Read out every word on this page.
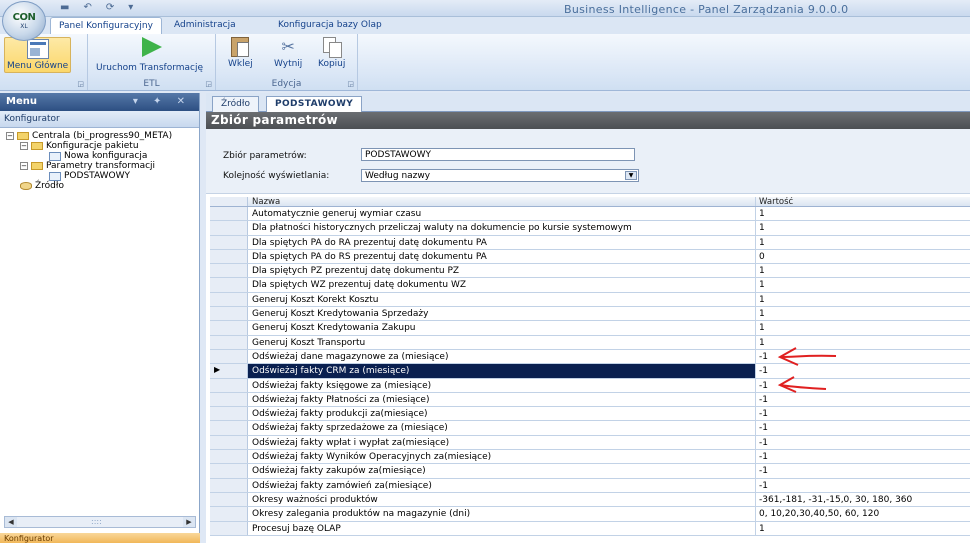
▬ ↶ ⟳ ▾	Business Intelligence - Panel Zarządzania 9.0.0.0
CON
XL	Panel Konfiguracyjny	Administracja	Konfiguracja bazy Olap
Menu Główne
◲
Uruchom Transformację
ETL	◲
Wklej
✂
Wytnij Kopiuj
Edycja	◲
Menu	▾ ✦ ✕
Konfigurator
− Centrala (bi_progress90_META)
− Konfiguracje pakietu
Nowa konfiguracja
− Parametry transformacji
PODSTAWOWY
Źródło
◀	::::	▶
Konfigurator
Źródło	PODSTAWOWY
Zbiór parametrów
Zbiór parametrów:	PODSTAWOWY
Kolejność wyświetlania:	Według nazwy	▼
Nazwa	Wartość
Automatycznie generuj wymiar czasu	1
Dla płatności historycznych przeliczaj waluty na dokumencie po kursie systemowym	1
Dla spiętych PA do RA prezentuj datę dokumentu PA	1
Dla spiętych PA do RS prezentuj datę dokumentu PA	0
Dla spiętych PZ prezentuj datę dokumentu PZ	1
Dla spiętych WZ prezentuj datę dokumentu WZ	1
Generuj Koszt Korekt Kosztu	1
Generuj Koszt Kredytowania Sprzedaży	1
Generuj Koszt Kredytowania Zakupu	1
Generuj Koszt Transportu	1
Odświeżaj dane magazynowe za (miesiące)	-1
▶
Odświeżaj fakty CRM za (miesiące)	-1
Odświeżaj fakty księgowe za (miesiące)	-1
Odświeżaj fakty Płatności za (miesiące)	-1
Odświeżaj fakty produkcji za(miesiące)	-1
Odświeżaj fakty sprzedażowe za (miesiące)	-1
Odświeżaj fakty wpłat i wypłat za(miesiące)	-1
Odświeżaj fakty Wyników Operacyjnych za(miesiące)	-1
Odświeżaj fakty zakupów za(miesiące)	-1
Odświeżaj fakty zamówień za(miesiące)	-1
Okresy ważności produktów	-361,-181, -31,-15,0, 30, 180, 360
Okresy zalegania produktów na magazynie (dni)	0, 10,20,30,40,50, 60, 120
Procesuj bazę OLAP	1
